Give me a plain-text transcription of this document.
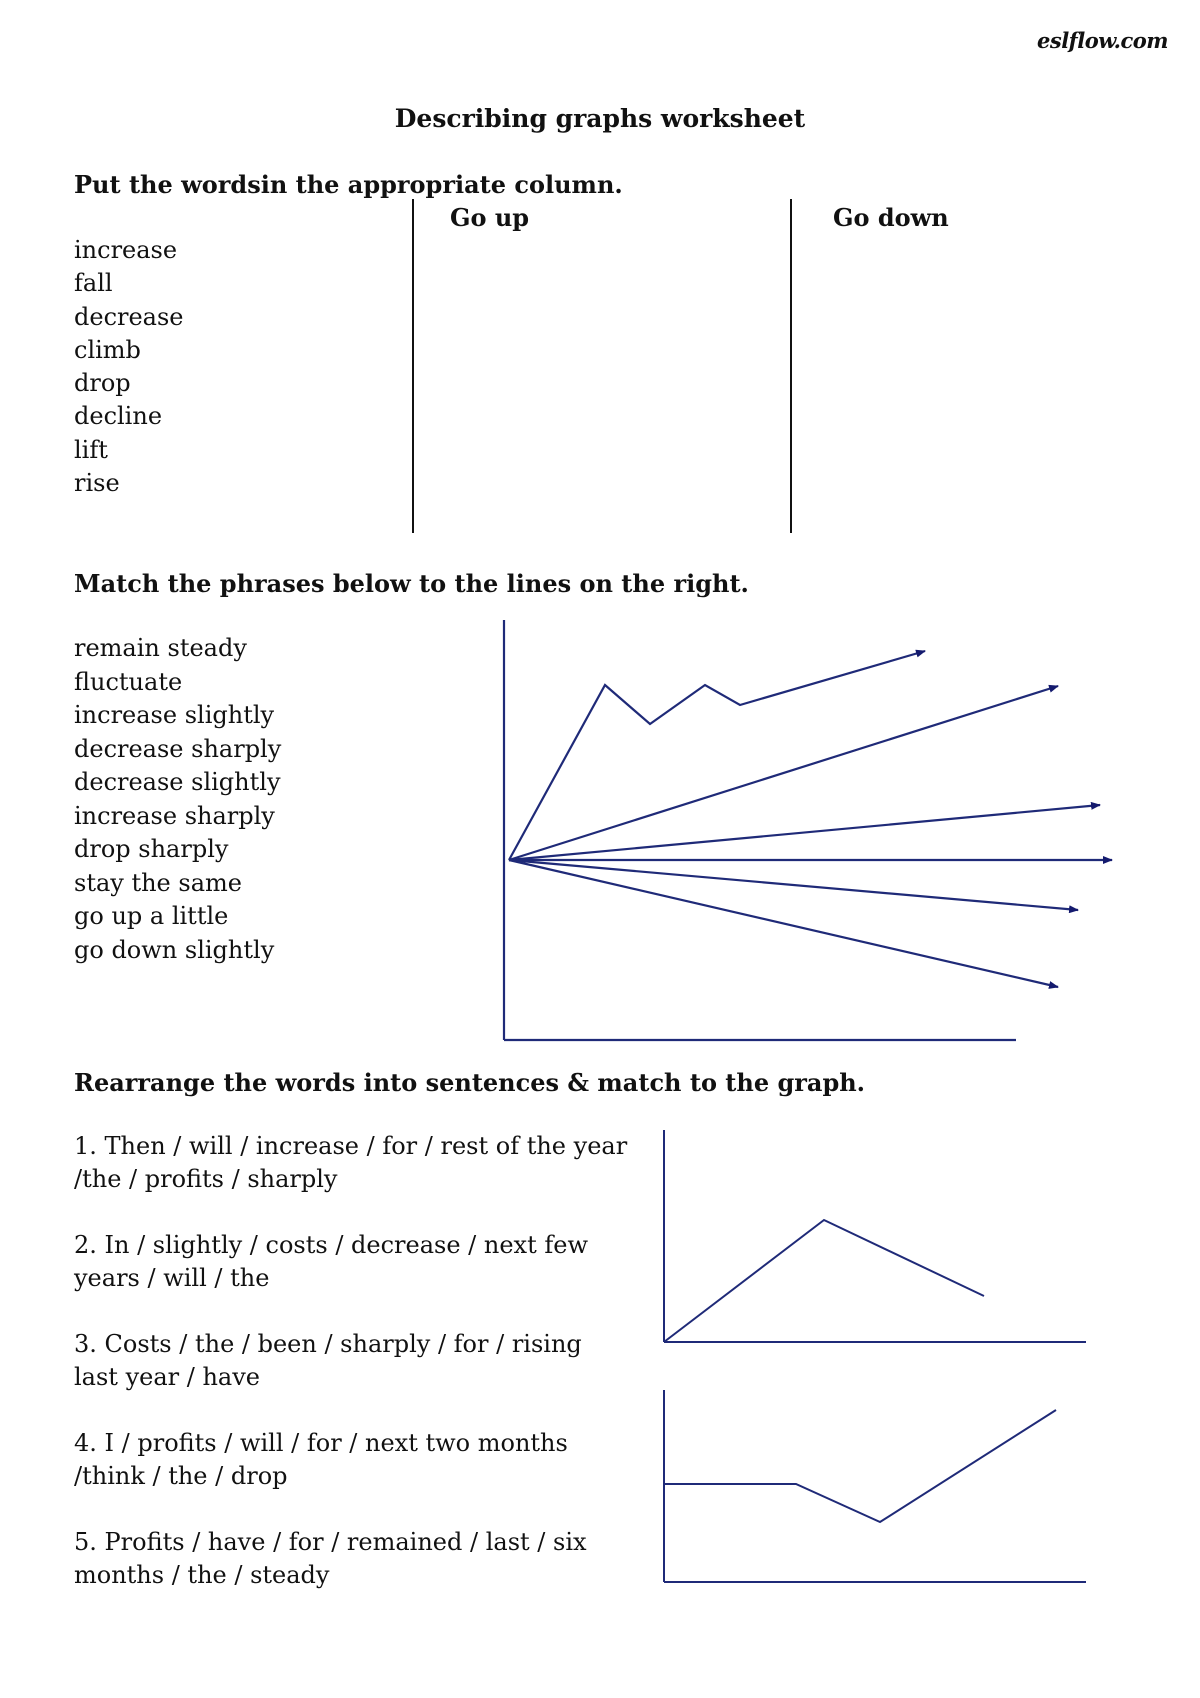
eslflow.com
Describing graphs worksheet
Put the wordsin the appropriate column.
Go up	Go down
increase
fall
decrease
climb
drop
decline
lift
rise
Match the phrases below to the lines on the right.
remain steady
fluctuate
increase slightly
decrease sharply
decrease slightly
increase sharply
drop sharply
stay the same
go up a little
go down slightly
Rearrange the words into sentences & match to the graph.
1. Then / will / increase / for / rest of the year
/the / profits / sharply
2. In / slightly / costs / decrease / next few
years / will / the
3. Costs / the / been / sharply / for / rising
last year / have
4. I / profits / will / for / next two months
/think / the / drop
5. Profits / have / for / remained / last / six
months / the / steady
